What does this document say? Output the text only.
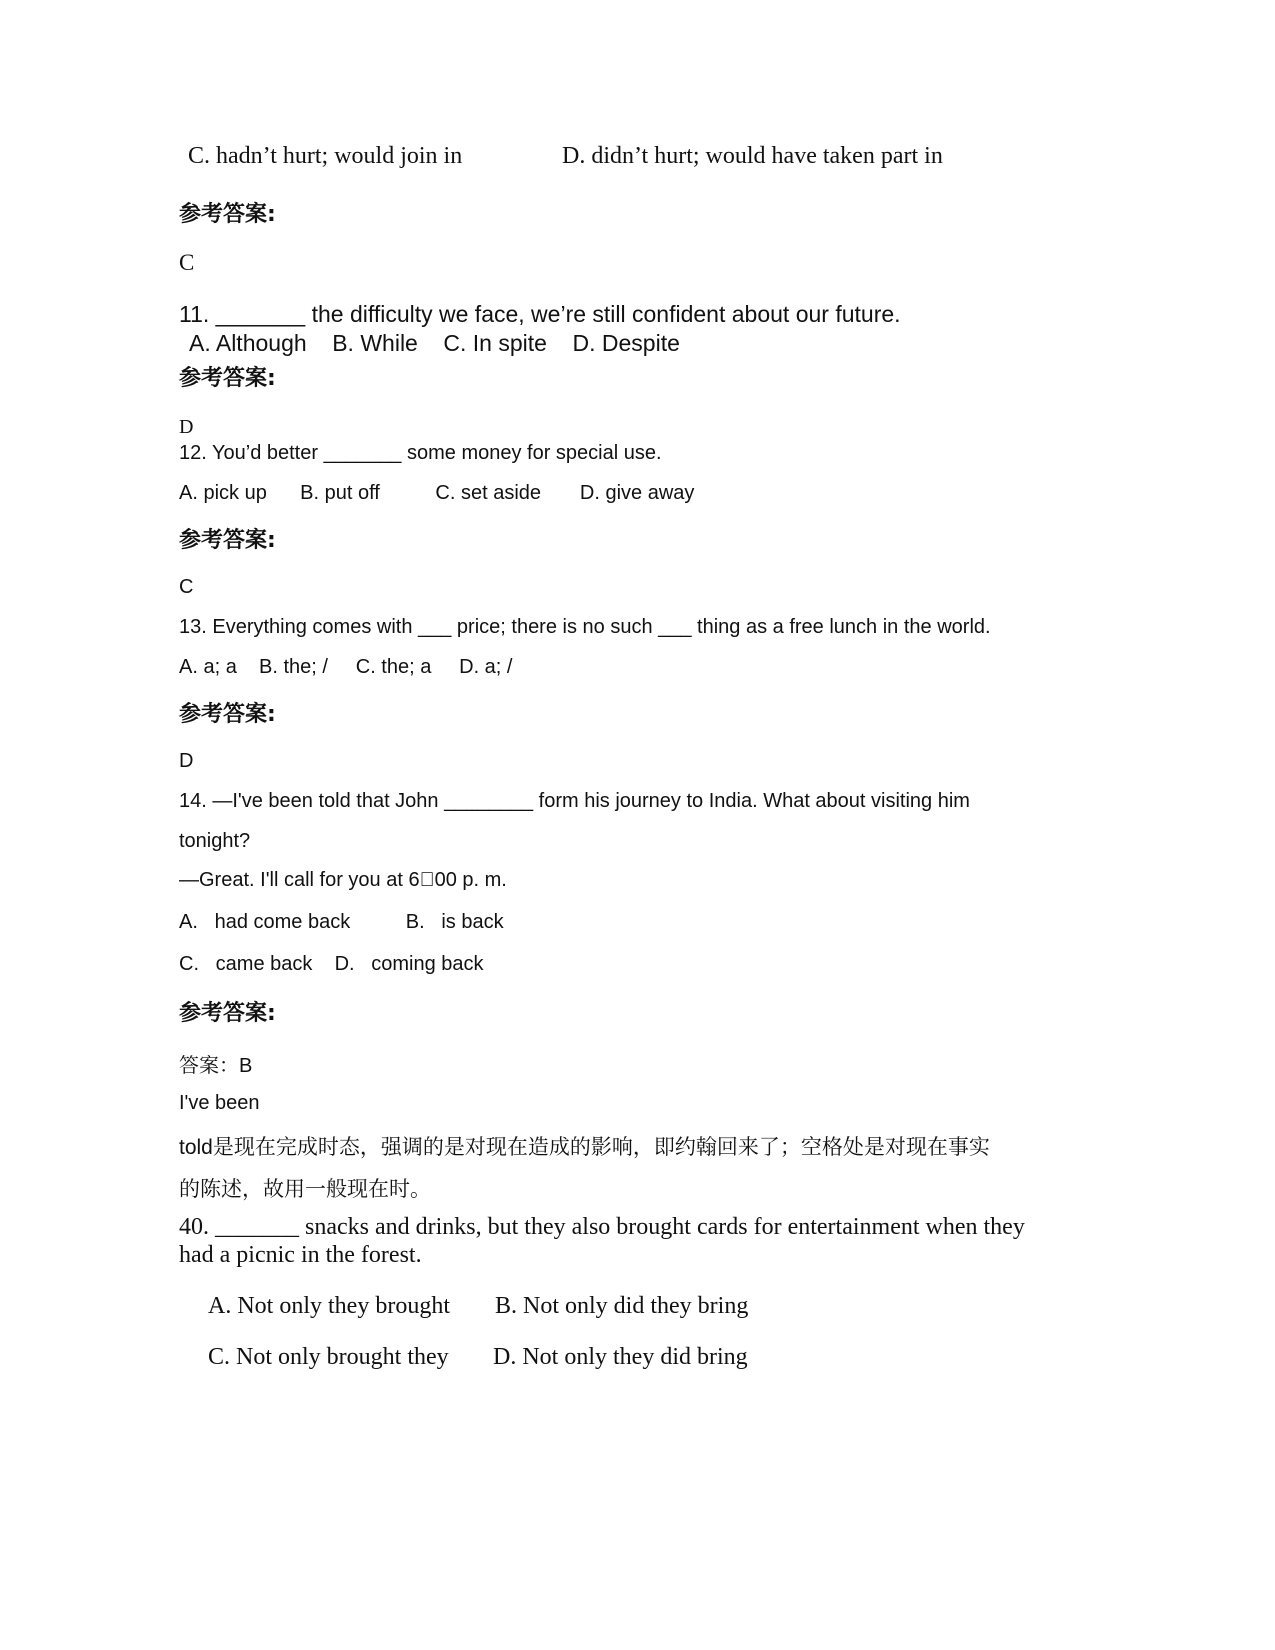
C. hadn’t hurt; would join in	D. didn’t hurt; would have taken part in
参考答案:
C
11. _______ the difficulty we face, we’re still confident about our future.
A. Although    B. While    C. In spite    D. Despite
参考答案:
D
12. You’d better _______ some money for special use.
A. pick up      B. put off          C. set aside       D. give away
参考答案:
C
13. Everything comes with ___ price; there is no such ___ thing as a free lunch in the world.
A. a; a    B. the; /     C. the; a     D. a; /
参考答案:
D
14. —I've been told that John ________ form his journey to India. What about visiting him
tonight?
—Great. I'll call for you at 6 00 p. m.
A.   had come back          B.   is back
C.   came back    D.   coming back
参考答案:
答案：B
I've been
told是现在完成时态，强调的是对现在造成的影响，即约翰回来了；空格处是对现在事实
的陈述，故用一般现在时。
40. _______ snacks and drinks, but they also brought cards for entertainment when they
had a picnic in the forest.
A. Not only they brought B. Not only did they bring
C. Not only brought they D. Not only they did bring
